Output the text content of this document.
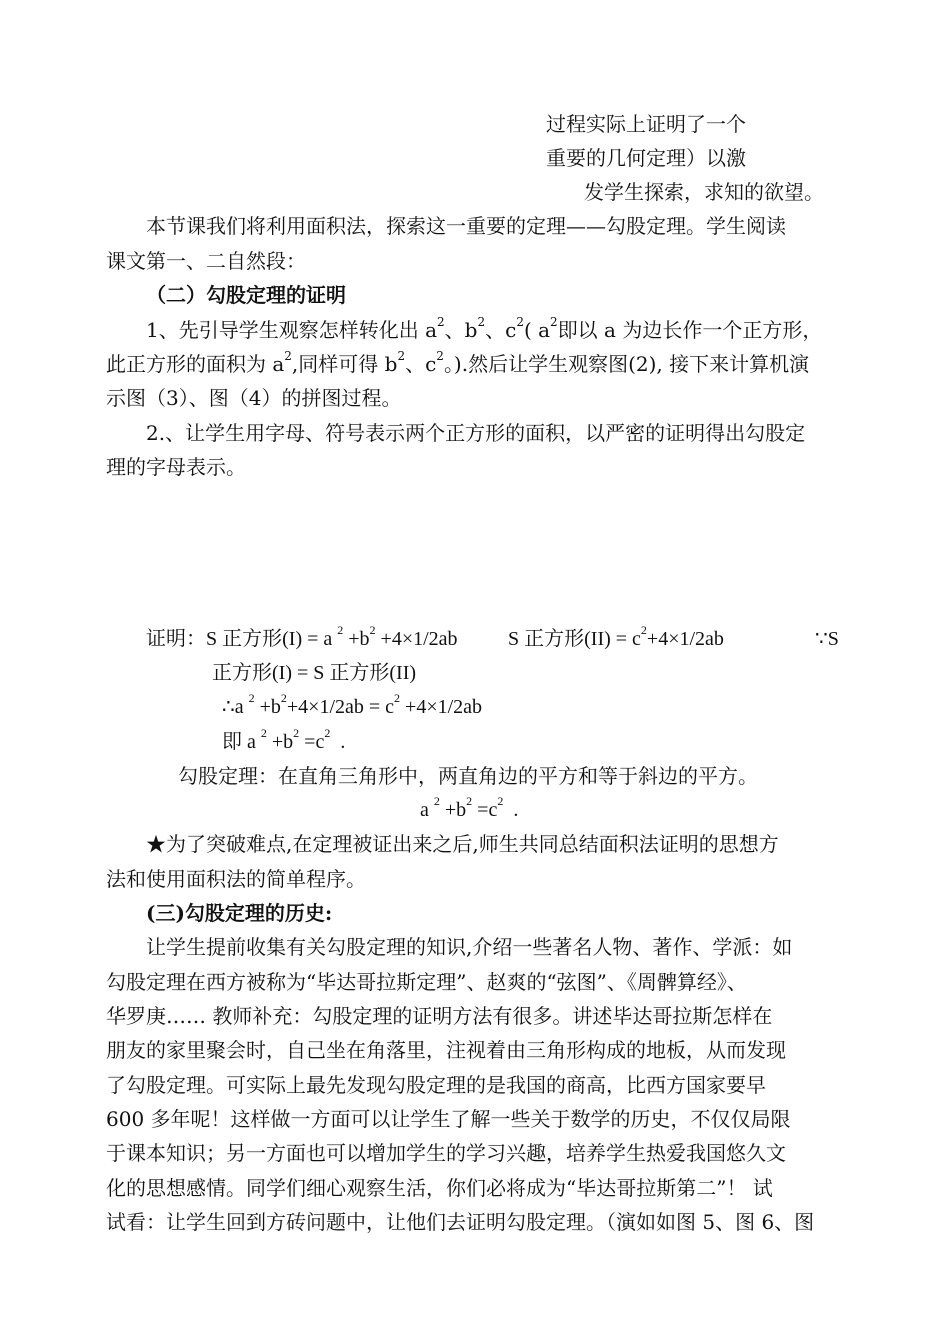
过程实际上证明了一个
重要的几何定理）以激
发学生探索，求知的欲望。
本节课我们将利用面积法，探索这一重要的定理——勾股定理。学生阅读
课文第一、二自然段：
（二）勾股定理的证明
1、先引导学生观察怎样转化出 $a^2$、$b^2$、$c^2$( $a^2$即以 a 为边长作一个正方形，
此正方形的面积为 $a^2$,同样可得 $b^2$、$c^2$。).然后让学生观察图(2), 接下来计算机演
示图（3）、图（4）的拼图过程。
2.、让学生用字母、符号表示两个正方形的面积，以严密的证明得出勾股定
理的字母表示。
证明：S 正方形(I) = a $^2 +b^2 +4\times 1/2ab$	S 正方形$(II) = c^2+4\times 1/2ab$	∵S
正方形(I) = S 正方形(II)
∴a $^2 +b^2+4\times 1/2ab = c^2 +4\times 1/2ab$
即 a $^2 +b^2 =c^2$ .
勾股定理：在直角三角形中，两直角边的平方和等于斜边的平方。
a $^2 +b^2 =c^2$ .
★为了突破难点,在定理被证出来之后,师生共同总结面积法证明的思想方
法和使用面积法的简单程序。
(三)勾股定理的历史:
让学生提前收集有关勾股定理的知识,介绍一些著名人物、著作、学派：如
勾股定理在西方被称为“毕达哥拉斯定理”、赵爽的“弦图”、《周髀算经》、
华罗庚…… 教师补充：勾股定理的证明方法有很多。讲述毕达哥拉斯怎样在
朋友的家里聚会时，自己坐在角落里，注视着由三角形构成的地板，从而发现
了勾股定理。可实际上最先发现勾股定理的是我国的商高，比西方国家要早
600 多年呢！这样做一方面可以让学生了解一些关于数学的历史，不仅仅局限
于课本知识；另一方面也可以增加学生的学习兴趣，培养学生热爱我国悠久文
化的思想感情。同学们细心观察生活，你们必将成为“毕达哥拉斯第二”！ 试
试看：让学生回到方砖问题中，让他们去证明勾股定理。（演如如图 5、图 6、图
